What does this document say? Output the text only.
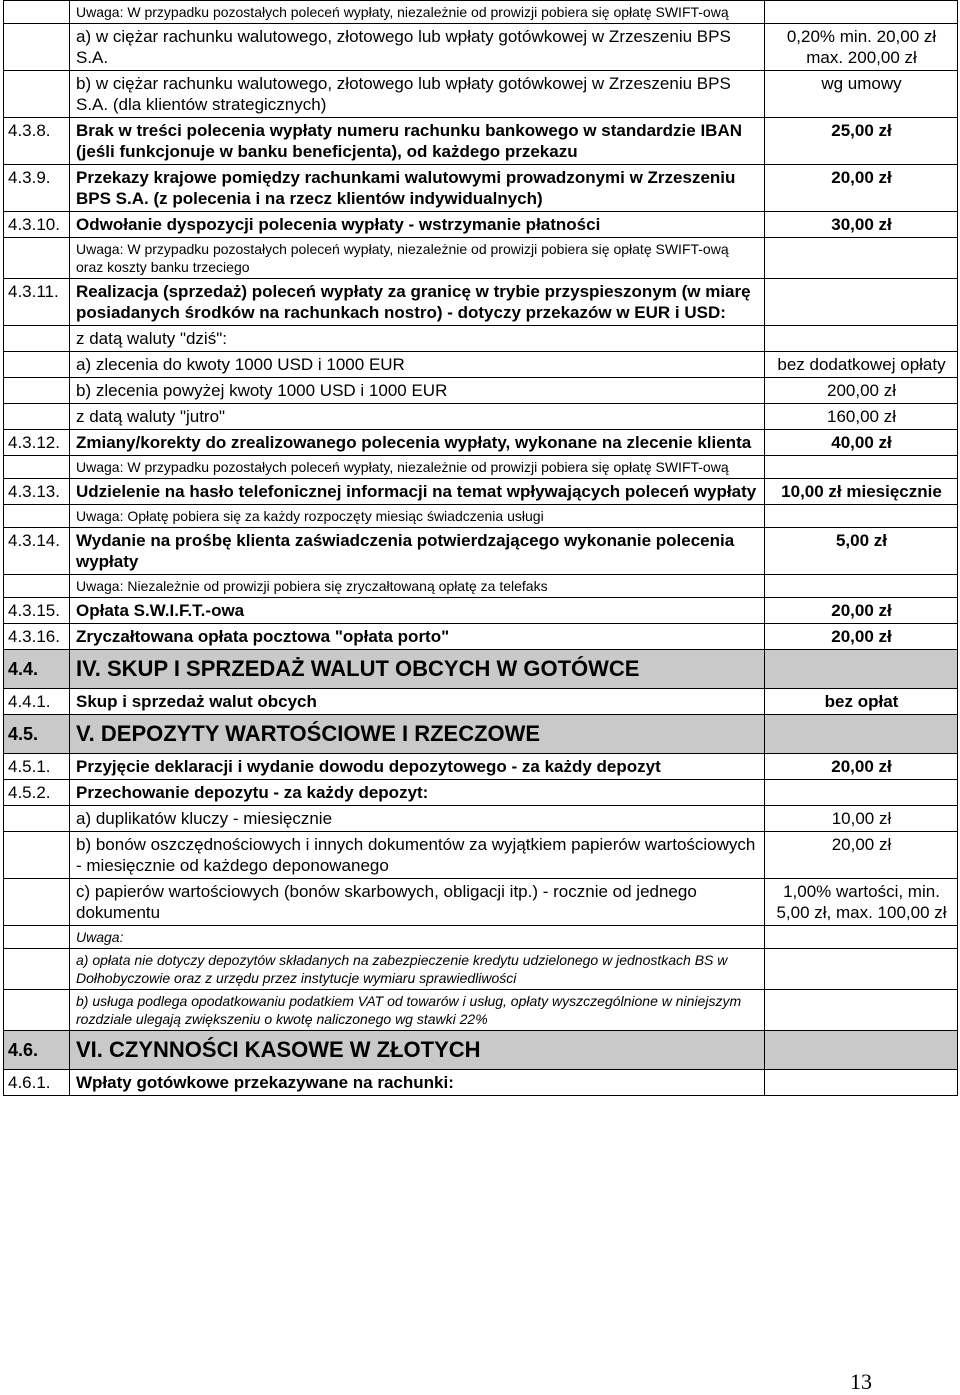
	Uwaga: W przypadku pozostałych poleceń wypłaty, niezależnie od prowizji pobiera się opłatę SWIFT-ową	
	a) w ciężar rachunku walutowego, złotowego lub wpłaty gotówkowej w Zrzeszeniu BPS S.A.	0,20% min. 20,00 zł max. 200,00 zł
	b) w ciężar rachunku walutowego, złotowego lub wpłaty gotówkowej w Zrzeszeniu BPS S.A. (dla klientów strategicznych)	wg umowy
4.3.8.	Brak w treści polecenia wypłaty numeru rachunku bankowego w standardzie IBAN (jeśli funkcjonuje w banku beneficjenta), od każdego przekazu	25,00 zł
4.3.9.	Przekazy krajowe pomiędzy rachunkami walutowymi prowadzonymi w Zrzeszeniu BPS S.A. (z polecenia i na rzecz klientów indywidualnych)	20,00 zł
4.3.10.	Odwołanie dyspozycji polecenia wypłaty - wstrzymanie płatności	30,00 zł
	Uwaga: W przypadku pozostałych poleceń wypłaty, niezależnie od prowizji pobiera się opłatę SWIFT-ową oraz koszty banku trzeciego	
4.3.11.	Realizacja (sprzedaż) poleceń wypłaty za granicę w trybie przyspieszonym (w miarę posiadanych środków na rachunkach nostro) - dotyczy przekazów w EUR i USD:	
	z datą waluty "dziś":	
	a) zlecenia do kwoty 1000 USD i 1000 EUR	bez dodatkowej opłaty
	b) zlecenia powyżej kwoty 1000 USD i 1000 EUR	200,00 zł
	z datą waluty "jutro"	160,00 zł
4.3.12.	Zmiany/korekty do zrealizowanego polecenia wypłaty, wykonane na zlecenie klienta	40,00 zł
	Uwaga: W przypadku pozostałych poleceń wypłaty, niezależnie od prowizji pobiera się opłatę SWIFT-ową	
4.3.13.	Udzielenie na hasło telefonicznej informacji na temat wpływających poleceń wypłaty	10,00 zł miesięcznie
	Uwaga: Opłatę pobiera się za każdy rozpoczęty miesiąc świadczenia usługi	
4.3.14.	Wydanie na prośbę klienta zaświadczenia potwierdzającego wykonanie polecenia wypłaty	5,00 zł
	Uwaga: Niezależnie od prowizji pobiera się zryczałtowaną opłatę za telefaks	
4.3.15.	Opłata S.W.I.F.T.-owa	20,00 zł
4.3.16.	Zryczałtowana opłata pocztowa "opłata porto"	20,00 zł
4.4.	IV. SKUP I SPRZEDAŻ WALUT OBCYCH W GOTÓWCE	
4.4.1.	Skup i sprzedaż walut obcych	bez opłat
4.5.	V. DEPOZYTY WARTOŚCIOWE I RZECZOWE	
4.5.1.	Przyjęcie deklaracji i wydanie dowodu depozytowego - za każdy depozyt	20,00 zł
4.5.2.	Przechowanie depozytu - za każdy depozyt:	
	a) duplikatów kluczy - miesięcznie	10,00 zł
	b) bonów oszczędnościowych i innych dokumentów za wyjątkiem papierów wartościowych - miesięcznie od każdego deponowanego	20,00 zł
	c) papierów wartościowych (bonów skarbowych, obligacji itp.) - rocznie od jednego dokumentu	1,00% wartości, min. 5,00 zł, max. 100,00 zł
	Uwaga:	
	a) opłata nie dotyczy depozytów składanych na zabezpieczenie kredytu udzielonego w jednostkach BS w Dołhobyczowie oraz z urzędu przez instytucje wymiaru sprawiedliwości	
	b) usługa podlega opodatkowaniu podatkiem VAT od towarów i usług, opłaty wyszczególnione w niniejszym rozdziale ulegają zwiększeniu o kwotę naliczonego wg stawki 22%	
4.6.	VI. CZYNNOŚCI KASOWE W ZŁOTYCH	
4.6.1.	Wpłaty gotówkowe przekazywane na rachunki:	
13
